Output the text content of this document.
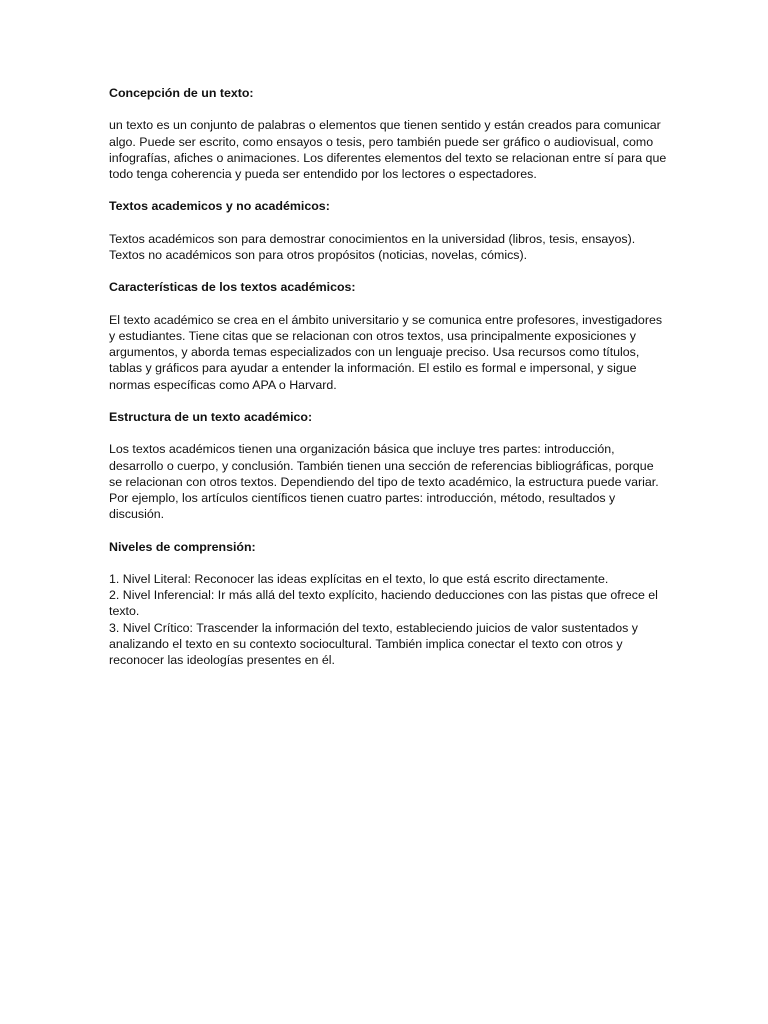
Concepción de un texto:

un texto es un conjunto de palabras o elementos que tienen sentido y están creados para comunicar algo. Puede ser escrito, como ensayos o tesis, pero también puede ser gráfico o audiovisual, como infografías, afiches o animaciones. Los diferentes elementos del texto se relacionan entre sí para que todo tenga coherencia y pueda ser entendido por los lectores o espectadores.

Textos academicos y no académicos:

Textos académicos son para demostrar conocimientos en la universidad (libros, tesis, ensayos). Textos no académicos son para otros propósitos (noticias, novelas, cómics).

Características de los textos académicos:

El texto académico se crea en el ámbito universitario y se comunica entre profesores, investigadores y estudiantes. Tiene citas que se relacionan con otros textos, usa principalmente exposiciones y argumentos, y aborda temas especializados con un lenguaje preciso. Usa recursos como títulos, tablas y gráficos para ayudar a entender la información. El estilo es formal e impersonal, y sigue normas específicas como APA o Harvard.

Estructura de un texto académico:

Los textos académicos tienen una organización básica que incluye tres partes: introducción, desarrollo o cuerpo, y conclusión. También tienen una sección de referencias bibliográficas, porque se relacionan con otros textos. Dependiendo del tipo de texto académico, la estructura puede variar. Por ejemplo, los artículos científicos tienen cuatro partes: introducción, método, resultados y discusión.

Niveles de comprensión:

1. Nivel Literal: Reconocer las ideas explícitas en el texto, lo que está escrito directamente.

2. Nivel Inferencial: Ir más allá del texto explícito, haciendo deducciones con las pistas que ofrece el texto.

3. Nivel Crítico: Trascender la información del texto, estableciendo juicios de valor sustentados y analizando el texto en su contexto sociocultural. También implica conectar el texto con otros y reconocer las ideologías presentes en él.
